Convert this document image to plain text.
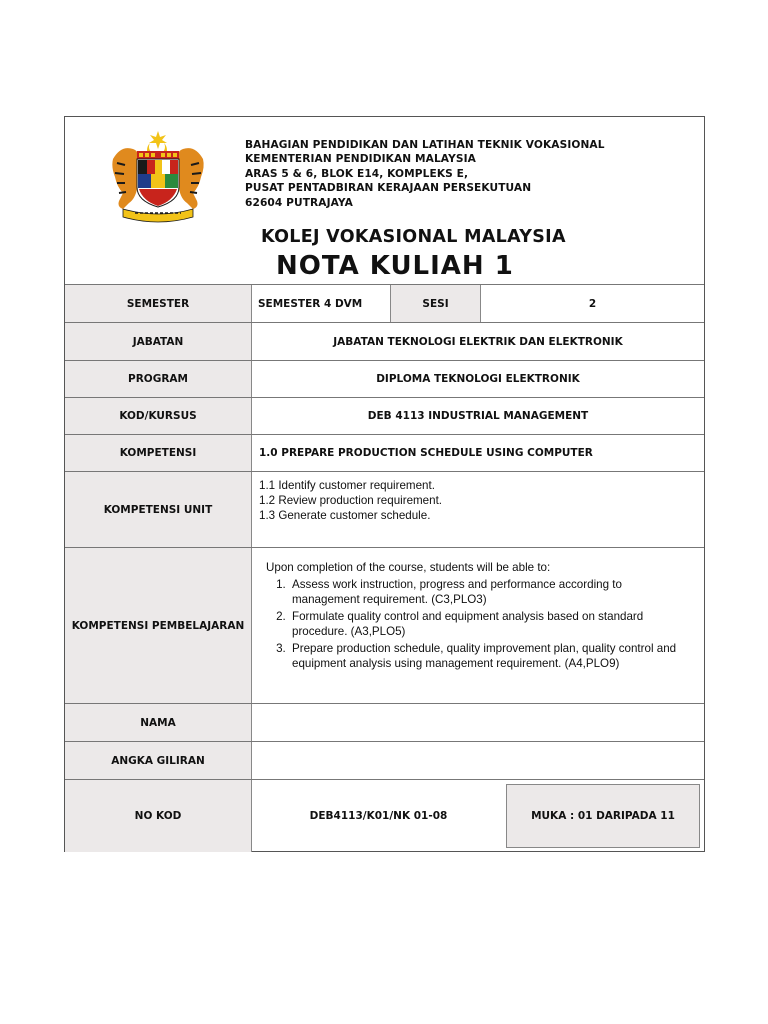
BAHAGIAN PENDIDIKAN DAN LATIHAN TEKNIK VOKASIONAL
KEMENTERIAN PENDIDIKAN MALAYSIA
ARAS 5 & 6, BLOK E14, KOMPLEKS E,
PUSAT PENTADBIRAN KERAJAAN PERSEKUTUAN
62604 PUTRAJAYA
KOLEJ VOKASIONAL MALAYSIA
NOTA KULIAH 1
SEMESTER	SEMESTER 4 DVM	SESI	2
JABATAN	JABATAN TEKNOLOGI ELEKTRIK DAN ELEKTRONIK
PROGRAM	DIPLOMA TEKNOLOGI ELEKTRONIK
KOD/KURSUS	DEB 4113 INDUSTRIAL MANAGEMENT
KOMPETENSI	1.0 PREPARE PRODUCTION SCHEDULE USING COMPUTER
KOMPETENSI UNIT
1.1 Identify customer requirement.
1.2 Review production requirement.
1.3 Generate customer schedule.
KOMPETENSI PEMBELAJARAN
Upon completion of the course, students will be able to:
1. Assess work instruction, progress and performance according to management requirement. (C3,PLO3)
2. Formulate quality control and equipment analysis based on standard procedure. (A3,PLO5)
3. Prepare production schedule, quality improvement plan, quality control and equipment analysis using management requirement. (A4,PLO9)
NAMA
ANGKA GILIRAN
NO KOD	DEB4113/K01/NK 01-08	MUKA : 01 DARIPADA 11
